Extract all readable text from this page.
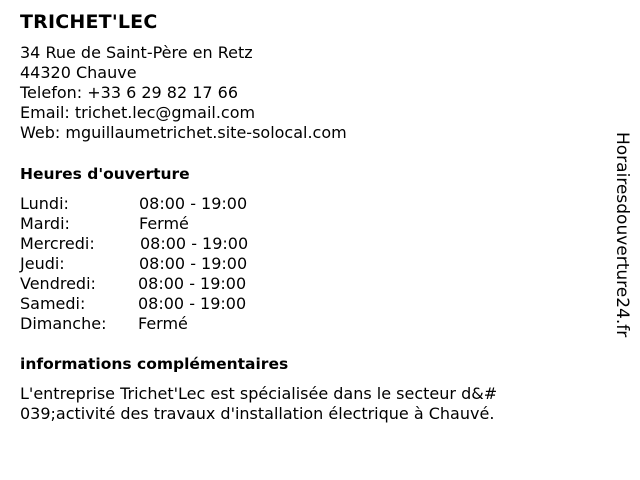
TRICHET'LEC
34 Rue de Saint-Père en Retz
44320 Chauve
Telefon: +33 6 29 82 17 66
Email: trichet.lec@gmail.com
Web: mguillaumetrichet.site-solocal.com
Heures d'ouverture
Lundi:	08:00 - 19:00
Mardi:	Fermé
Mercredi:	08:00 - 19:00
Jeudi:	08:00 - 19:00
Vendredi:	08:00 - 19:00
Samedi:	08:00 - 19:00
Dimanche: Fermé
informations complémentaires
L'entreprise Trichet'Lec est spécialisée dans le secteur d&#
039;activité des travaux d'installation électrique à Chauvé.
Horairesdouverture24.fr
